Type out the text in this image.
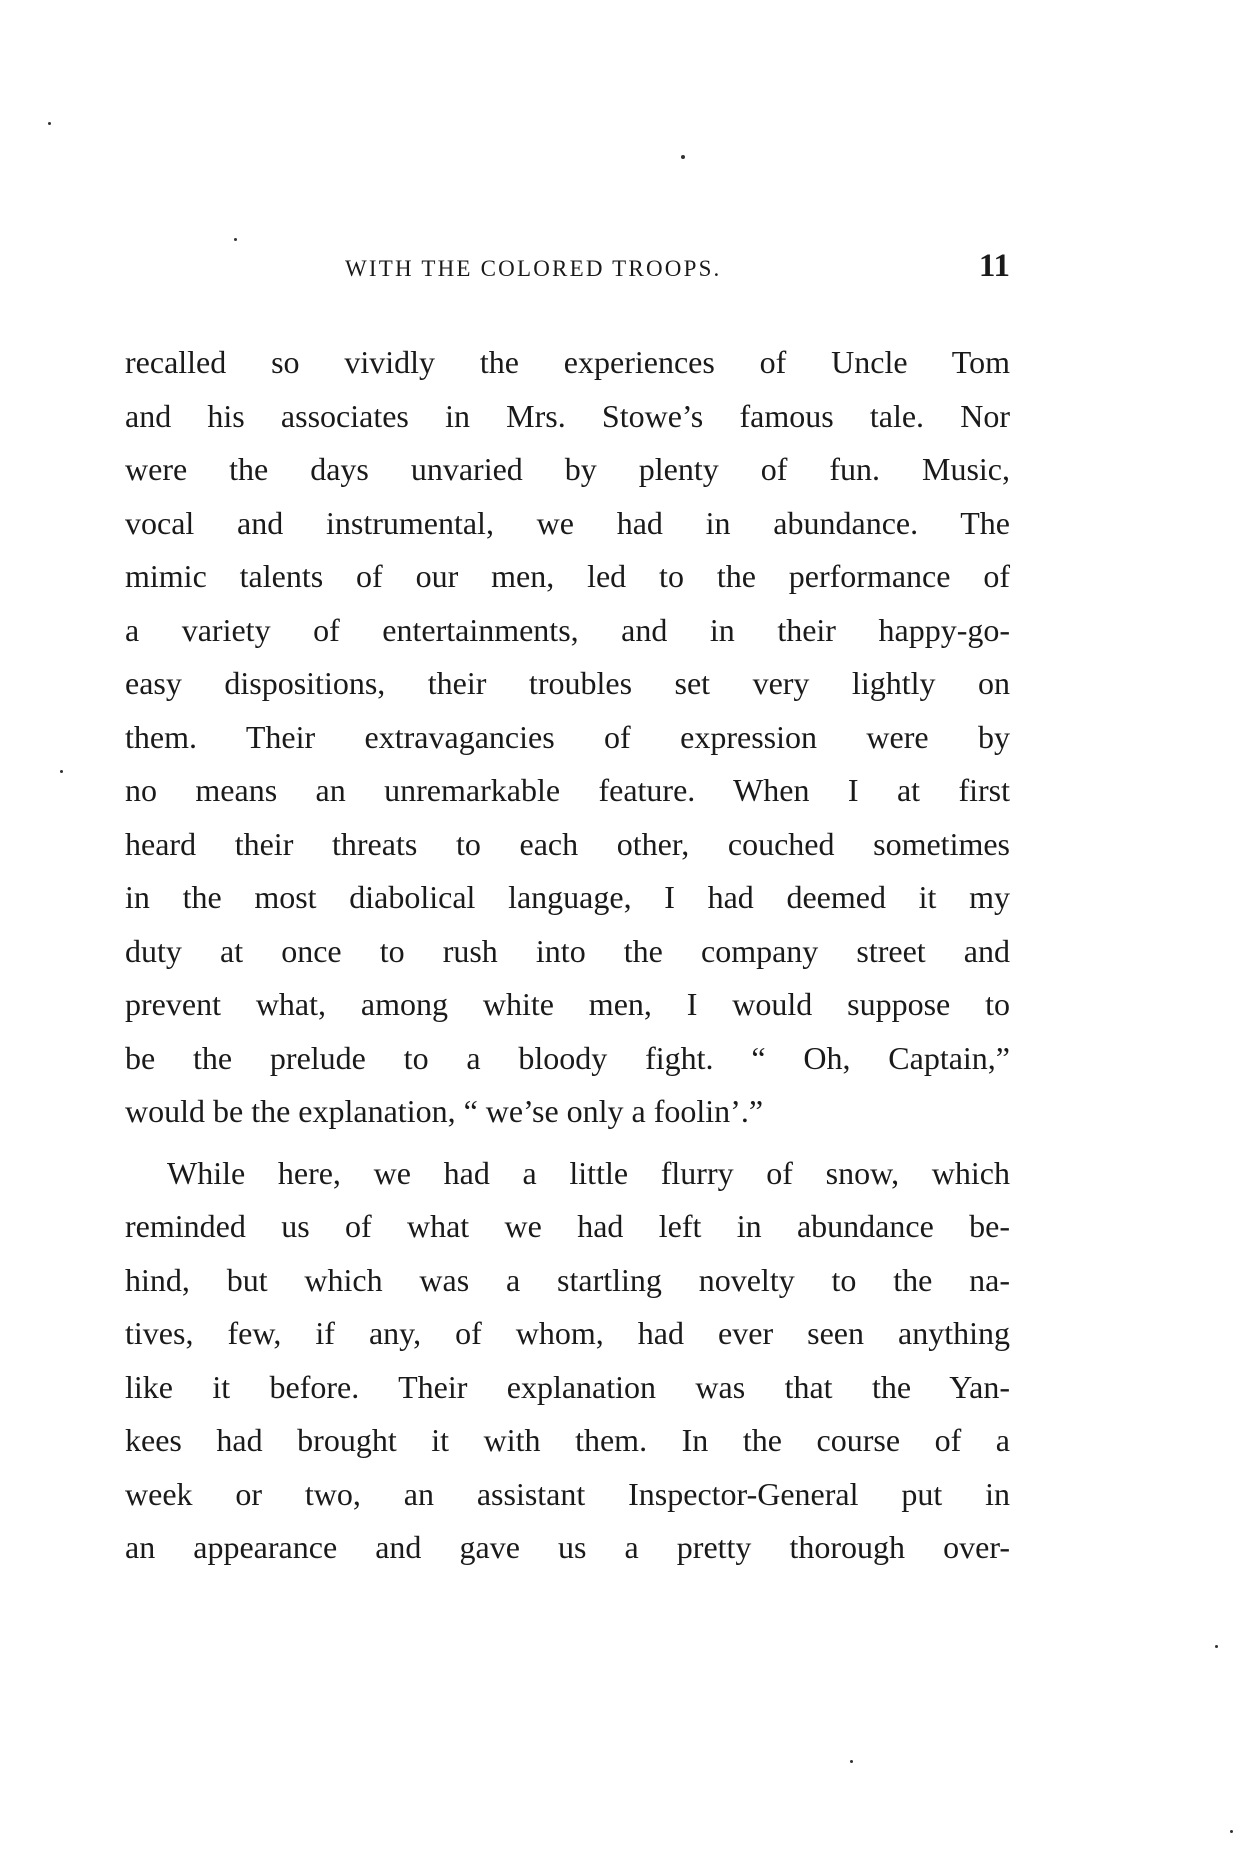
WITH THE COLORED TROOPS.	11
recalled so vividly the experiences of Uncle Tom
and his associates in Mrs. Stowe’s famous tale. Nor
were the days unvaried by plenty of fun. Music,
vocal and instrumental, we had in abundance. The
mimic talents of our men, led to the performance of
a variety of entertainments, and in their happy-go-
easy dispositions, their troubles set very lightly on
them. Their extravagancies of expression were by
no means an unremarkable feature. When I at first
heard their threats to each other, couched sometimes
in the most diabolical language, I had deemed it my
duty at once to rush into the company street and
prevent what, among white men, I would suppose to
be the prelude to a bloody fight. “ Oh, Captain,”
would be the explanation, “ we’se only a foolin’.”
While here, we had a little flurry of snow, which
reminded us of what we had left in abundance be-
hind, but which was a startling novelty to the na-
tives, few, if any, of whom, had ever seen anything
like it before. Their explanation was that the Yan-
kees had brought it with them. In the course of a
week or two, an assistant Inspector-General put in
an appearance and gave us a pretty thorough over-
